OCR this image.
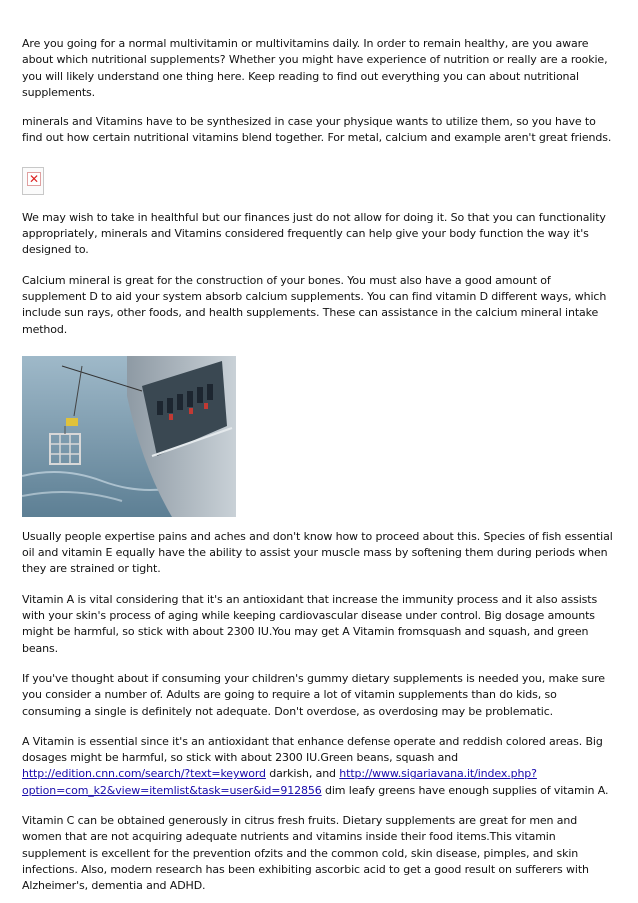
Are you going for a normal multivitamin or multivitamins daily. In order to remain healthy, are you aware about which nutritional supplements? Whether you might have experience of nutrition or really are a rookie, you will likely understand one thing here. Keep reading to find out everything you can about nutritional supplements.

minerals and Vitamins have to be synthesized in case your physique wants to utilize them, so you have to find out how certain nutritional vitamins blend together. For metal, calcium and example aren't great friends.

✕

We may wish to take in healthful but our finances just do not allow for doing it. So that you can functionality appropriately, minerals and Vitamins considered frequently can help give your body function the way it's designed to.

Calcium mineral is great for the construction of your bones. You must also have a good amount of supplement D to aid your system absorb calcium supplements. You can find vitamin D different ways, which include sun rays, other foods, and health supplements. These can assistance in the calcium mineral intake method.

Usually people expertise pains and aches and don't know how to proceed about this. Species of fish essential oil and vitamin E equally have the ability to assist your muscle mass by softening them during periods when they are strained or tight.

Vitamin A is vital considering that it's an antioxidant that increase the immunity process and it also assists with your skin's process of aging while keeping cardiovascular disease under control. Big dosage amounts might be harmful, so stick with about 2300 IU.You may get A Vitamin fromsquash and squash, and green beans.

If you've thought about if consuming your children's gummy dietary supplements is needed you, make sure you consider a number of. Adults are going to require a lot of vitamin supplements than do kids, so consuming a single is definitely not adequate. Don't overdose, as overdosing may be problematic.

A Vitamin is essential since it's an antioxidant that enhance defense operate and reddish colored areas. Big dosages might be harmful, so stick with about 2300 IU.Green beans, squash and http://edition.cnn.com/search/?text=keyword darkish, and http://www.sigariavana.it/index.php?option=com_k2&view=itemlist&task=user&id=912856 dim leafy greens have enough supplies of vitamin A.

Vitamin C can be obtained generously in citrus fresh fruits. Dietary supplements are great for men and women that are not acquiring adequate nutrients and vitamins inside their food items.This vitamin supplement is excellent for the prevention ofzits and the common cold, skin disease, pimples, and skin infections. Also, modern research has been exhibiting ascorbic acid to get a good result on sufferers with Alzheimer's, dementia and ADHD.
